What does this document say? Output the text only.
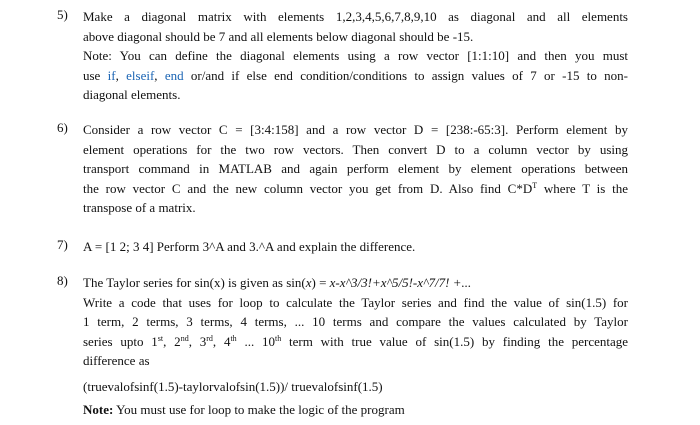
5) Make a diagonal matrix with elements 1,2,3,4,5,6,7,8,9,10 as diagonal and all elements
above diagonal should be 7 and all elements below diagonal should be -15.
Note: You can define the diagonal elements using a row vector [1:1:10] and then you must
use if, elseif, end or/and if else end condition/conditions to assign values of 7 or -15 to non-
diagonal elements.
6) Consider a row vector C = [3:4:158] and a row vector D = [238:-65:3]. Perform element by
element operations for the two row vectors. Then convert D to a column vector by using
transport command in MATLAB and again perform element by element operations between
the row vector C and the new column vector you get from D. Also find $C*D^T$ where T is the
transpose of a matrix.
7) A = [1 2; 3 4] Perform 3^A and 3.^A and explain the difference.
8) The Taylor series for sin(x) is given as sin(x) = x-x^3/3!+x^5/5!-x^7/7! +...
Write a code that uses for loop to calculate the Taylor series and find the value of sin(1.5) for
1 term, 2 terms, 3 terms, 4 terms, ... 10 terms and compare the values calculated by Taylor
series upto 1st, 2nd, 3rd, 4th ... 10th term with true value of sin(1.5) by finding the percentage
difference as
(truevalofsinf(1.5)-taylorvalofsin(1.5))/ truevalofsinf(1.5)
Note: You must use for loop to make the logic of the program
